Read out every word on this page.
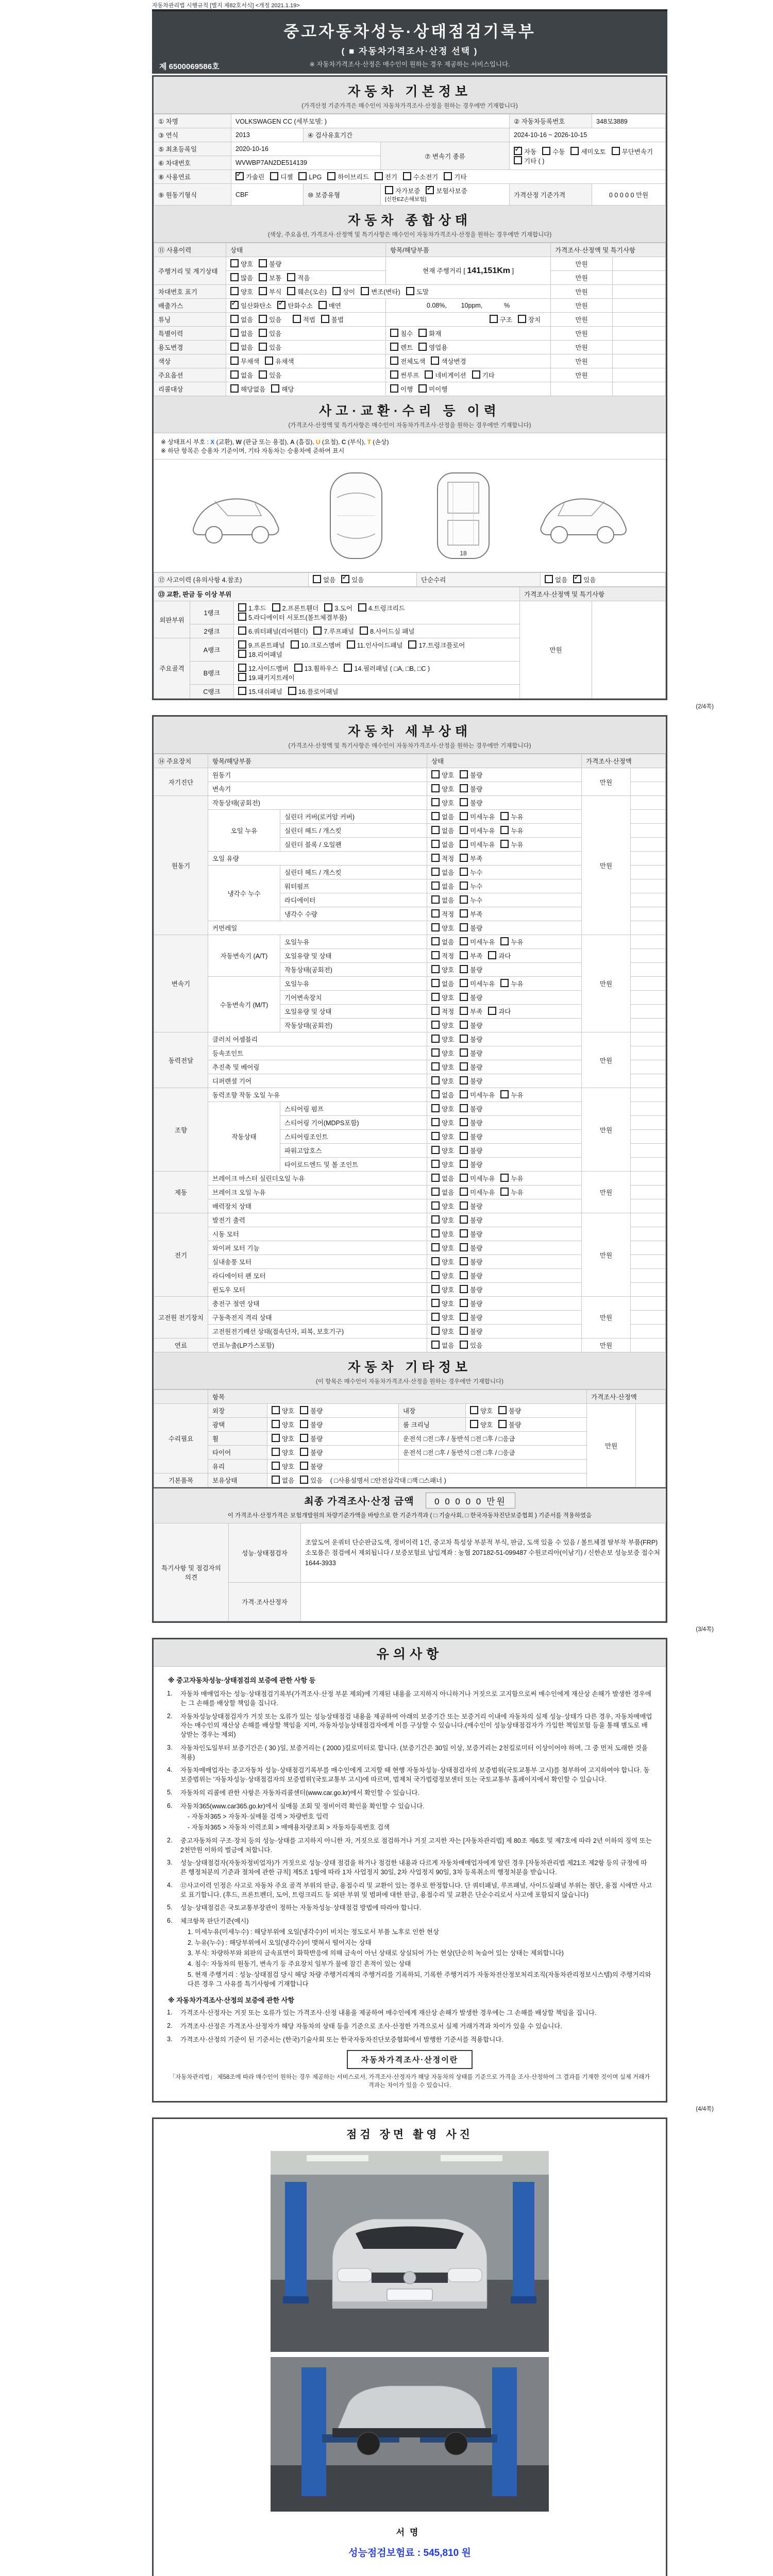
자동차관리법 시행규칙 [별지 제82호서식] <개정 2021.1.19>
제 6500069586호
중고자동차성능·상태점검기록부
( ■ 자동차가격조사·산정 선택 )
※ 자동차가격조사·산정은 매수인이 원하는 경우 제공하는 서비스입니다.
자동차 기본정보
(가격산정 기준가격은 매수인이 자동차가격조사·산정을 원하는 경우에만 기재합니다)
① 차명	VOLKSWAGEN CC (세부모델: )			② 자동차등록번호	348모3889
③ 연식	2013	④ 검사유효기간		2024-10-16 ~ 2026-10-15	
⑤ 최초등록일	2020-10-16		⑦ 변속기 종류	✓자동 수동 세미오토 무단변속기기타 ( )
⑥ 차대번호	WVWBP7AN2DE514139				
⑧ 사용연료	✓가솔린 디젤 LPG 하이브리드 전기 수소전기 기타
⑨ 원동기형식	CBF	⑩ 보증유형	자가보증 ✓ 보험사보증[신한EZ손해보험]	가격산정 기준가격	0 0 0 0 0 만원
자동차 종합상태
(색상, 주요옵션, 가격조사·산정액 및 특기사항은 매수인이 자동차가격조사·산정을 원하는 경우에만 기재합니다)
⑪ 사용이력	상태	항목/해당부품	가격조사·산정액 및 특기사항	
주행거리 및 계기상태	양호 불량	현재 주행거리 [ 141,151Km ]	만원	
	많음 보통 적음		만원	
차대번호 표기	양호 부식 훼손(오손) 상이 변조(변타) 도말		만원	
배출가스	✓일산화탄소 ✓ 탄화수소 매연	0.08%,        10ppm,            %	만원	
튜닝	없음 있음 적법 불법	구조 장치	만원	
특별이력	없음 있음	침수 화재	만원	
용도변경	없음 있음	렌트 영업용	만원	
색상	무채색 유채색	전체도색 색상변경	만원	
주요옵션	없음 있음	썬루프 네비게이션 기타	만원	
리콜대상	해당없음 해당	이행 미이행		
사고·교환·수리 등 이력
(가격조사·산정액 및 특기사항은 매수인이 자동차가격조사·산정을 원하는 경우에만 기재합니다)
※ 상태표시 부호 : X (교환), W (판금 또는 용접), A (흠집), U (요철), C (부식), T (손상)
※ 하단 항목은 승용차 기준이며, 기타 자동차는 승용차에 준하여 표시
18
⑫ 사고이력 (유의사항 4.참조)	없음 ✓ 있음	단순수리	없음 ✓ 있음
⑬ 교환, 판금 등 이상 부위			가격조사·산정액 및 특기사항	
외판부위	1랭크	1.후드 2.프론트휀더 3.도어 4.트렁크리드
5.라디에이터 서포트(볼트체결부품)	만원	
	2랭크	6.쿼터패널(리어휀더) 7.루프패널 8.사이드실 패널		

주요골격	A랭크	9.프론트패널 10.크로스멤버 11.인사이드패널 17.트렁크플로어
18.리어패널		

	B랭크	12.사이드멤버 13.휠하우스 14.필러패널 ( □A, □B, □C )
19.패키지트레이		

	C랭크	15.대쉬패널 16.플로어패널		
(2/4쪽)
자동차 세부상태
(가격조사·산정액 및 특기사항은 매수인이 자동차가격조사·산정을 원하는 경우에만 기재합니다)
⑭ 주요장치	항목/해당부품		상태	가격조사·산정액	
자기진단	원동기		양호 불량	만원	
	변속기		양호 불량		
원동기	작동상태(공회전)		양호 불량	만원	
	오일 누유	실린더 커버(로커암 커버)	없음 미세누유 누유		
		실린더 헤드 / 개스킷	없음 미세누유 누유		
		실린더 블록 / 오일팬	없음 미세누유 누유		
	오일 유량		적정 부족		
	냉각수 누수	실린더 헤드 / 개스킷	없음 누수		
		워터펌프	없음 누수		
		라디에이터	없음 누수		
		냉각수 수량	적정 부족		
	커먼레일		양호 불량		
변속기	자동변속기 (A/T)	오일누유	없음 미세누유 누유	만원	
		오일유량 및 상태	적정 부족 과다		
		작동상태(공회전)	양호 불량		
	수동변속기 (M/T)	오일누유	없음 미세누유 누유		
		기어변속장치	양호 불량		
		오일유량 및 상태	적정 부족 과다		
		작동상태(공회전)	양호 불량		
동력전달	클러치 어셈블리		양호 불량	만원	
	등속조인트		양호 불량		
	추진축 및 베어링		양호 불량		
	디퍼렌셜 기어		양호 불량		
조향	동력조향 작동 오일 누유		없음 미세누유 누유	만원	
	작동상태	스티어링 펌프	양호 불량		
		스티어링 기어(MDPS포함)	양호 불량		
		스티어링조인트	양호 불량		
		파워고압호스	양호 불량		
		타이로드엔드 및 볼 조인트	양호 불량		
제동	브레이크 마스터 실린더오일 누유		없음 미세누유 누유	만원	
	브레이크 오일 누유		없음 미세누유 누유		
	배력장치 상태		양호 불량		
전기	발전기 출력		양호 불량	만원	
	시동 모터		양호 불량		
	와이퍼 모터 기능		양호 불량		
	실내송풍 모터		양호 불량		
	라디에이터 팬 모터		양호 불량		
	윈도우 모터		양호 불량		
고전원 전기장치	충전구 절연 상태		양호 불량	만원	
	구동축전지 격리 상태		양호 불량		
	고전원전기배선 상태(접속단자, 피복, 보호기구)		양호 불량		
연료	연료누출(LP가스포함)		없음 있음	만원	
자동차 기타정보
(이 항목은 매수인이 자동차가격조사·산정을 원하는 경우에만 기재합니다)
	항목				가격조사·산정액	
수리필요	외장	양호 불량	내장	양호 불량	만원	
	광택	양호 불량	룸 크리닝	양호 불량		
	휠	양호 불량	운전석 □전 □후 / 동반석 □전 □후 / □응급			
	타이어	양호 불량	운전석 □전 □후 / 동반석 □전 □후 / □응급			
	유리	양호 불량				
기본품목	보유상태	없음 있음 ( □사용설명서 □안전삼각대 □잭 □스패너 )				
최종 가격조사·산정 금액 0 0 0 0 0 만원
이 가격조사·산정가격은 보험개발원의 차량기준가액을 바탕으로 한 기준가격과 ( □ 기술사회, □ 한국자동차진단보증협회 ) 기준서를 적용하였음
특기사항 및 점검자의 의견	성능·상태점검자	조앞도어 운쿼터 단순판금도색, 정비이력 1건, 중고차 특성상 부분적 부식, 판금, 도색 있을 수 있음 / 볼트체결 탈부착 부품(FRP)소모품은 점검에서 제외됩니다 / 보증보험료 납입계좌 : 농협 207182-51-099487 수원코리아(이남기) / 신한손보 성능보증 접수처 1644-3933
	가격·조사산정자	
(3/4쪽)
유의사항
※ 중고자동차성능·상태점검의 보증에 관한 사항 등
1.	자동차 매매업자는 성능·상태점검기록부(가격조사·산정 부분 제외)에 기재된 내용을 고지하지 아니하거나 거짓으로 고지함으로써 매수인에게 재산상 손해가 발생한 경우에는 그 손해를 배상할 책임을 집니다.
2.	자동차성능상태점검자가 거짓 또는 오류가 있는 성능상태점검 내용을 제공하여 아래의 보증기간 또는 보증거리 이내에 자동차의 실제 성능·상태가 다른 경우, 자동차매매업자는 매수인의 재산상 손해를 배상할 책임을 지며, 자동차성능상태점검자에게 이를 구상할 수 있습니다.(매수인이 성능상태점검자가 가입한 책임보험 등을 통해 별도로 배상받는 경우는 제외)
3.	자동차인도일부터 보증기간은 ( 30 )일, 보증거리는 ( 2000 )킬로미터로 합니다. (보증기간은 30일 이상, 보증거리는 2천킬로미터 이상이어야 하며, 그 중 먼저 도래한 것을 적용)
4.	자동차매매업자는 중고자동차 성능·상태점검기록부를 매수인에게 고지할 때 현행 자동차성능·상태점검자의 보증범위(국토교통부 고시)를 첨부하여 고지하여야 합니다. 동 보증범위는 '자동차성능·상태점검자의 보증범위'(국토교통부 고시)에 따르며, 법제처 국가법령정보센터 또는 국토교통부 홈페이지에서 확인할 수 있습니다.
5.	자동차의 리콜에 관한 사항은 자동차리콜센터(www.car.go.kr)에서 확인할 수 있습니다.
6.	자동차365(www.car365.go.kr)에서 실매물 조회 및 정비이력 확인을 확인할 수 있습니다.
- 자동차365 > 자동차·실매물 검색 > 차량번호 입력
- 자동차365 > 자동차 이력조회 > 매매용차량조회 > 자동차등록번호 검색
2.	중고자동차의 구조·장치 등의 성능·상태를 고지하지 아니한 자, 거짓으로 점검하거나 거짓 고지한 자는 [자동차관리법] 제 80조 제6호 및 제7호에 따라 2년 이하의 징역 또는 2천만원 이하의 벌금에 처합니다.
3.	성능·상태점검자(자동차정비업자)가 거짓으로 성능·상태 점검을 하거나 점검한 내용과 다르게 자동차매매업자에게 알린 경우 [자동차관리법 제21조 제2항 등의 규정에 따른 행정처분의 기준과 절차에 관한 규칙] 제5조 1항에 따라 1차 사업정지 30일, 2차 사업정지 90일, 3차 등록취소의 행정처분을 받습니다.
4.	⑫사고이력 인정은 사고로 자동차 주요 골격 부위의 판금, 용접수리 및 교환이 있는 경우로 한정합니다. 단 쿼터패널, 루프패널, 사이드실패널 부위는 절단, 용접 시에만 사고로 표기합니다. (후드, 프론트펜더, 도어, 트렁크리드 등 외판 부위 및 범퍼에 대한 판금, 용접수리 및 교환은 단순수리로서 사고에 포함되지 않습니다)
5.	성능·상태점검은 국토교통부장관이 정하는 자동차성능·상태점검 방법에 따라야 합니다.
6.	체크항목 판단기준(예시)
1. 미세누유(미세누수) : 해당부위에 오일(냉각수)이 비치는 정도로서 부품 노후로 인한 현상
2. 누유(누수) : 해당부위에서 오일(냉각수)이 맺혀서 떨어지는 상태
3. 부식: 차량하부와 외판의 금속표면이 화학반응에 의해 금속이 아닌 상태로 상실되어 가는 현상(단순히 녹슬어 있는 상태는 제외합니다)
4. 침수: 자동차의 원동기, 변속기 등 주요장치 일부가 물에 잠긴 흔적이 있는 상태
5. 현재 주행거리 : 성능·상태점검 당시 해당 차량 주행거리계의 주행거리를 기록하되, 기록한 주행거리가 자동차전산정보처리조직(자동차관리정보시스템)의 주행거리와 다른 경우 그 사유를 특기사항에 기재합니다
※ 자동차가격조사·산정의 보증에 관한 사항
1.	가격조사·산정자는 거짓 또는 오류가 있는 가격조사·산정 내용을 제공하여 매수인에게 재산상 손해가 발생한 경우에는 그 손해를 배상할 책임을 집니다.
2.	가격조사·산정은 가격조사·산정자가 해당 자동차의 상태 등을 기준으로 조사·산정한 가격으로서 실제 거래가격과 차이가 있을 수 있습니다.
3.	가격조사·산정의 기준이 된 기준서는 (한국)기술사회 또는 한국자동차진단보증협회에서 발행한 기준서를 적용합니다.
자동차가격조사·산정이란
「자동차관리법」 제58조에 따라 매수인이 원하는 경우 제공하는 서비스로서, 가격조사·산정자가 해당 자동차의 상태를 기준으로 가격을 조사·산정하여 그 결과를 기재한 것이며 실제 거래가격과는 차이가 있을 수 있습니다.
(4/4쪽)
점검 장면 촬영 사진
서명
성능점검보험료 : 545,810 원
